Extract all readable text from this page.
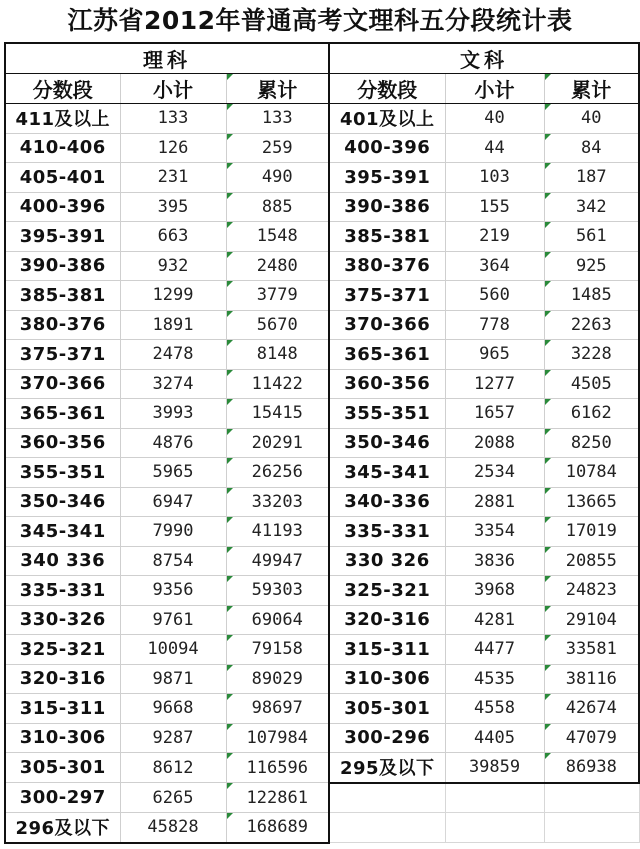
江苏省2012年普通高考文理科五分段统计表
理科			文科		
分数段	小计	累计	分数段	小计	累计
411及以上	133	133	401及以上	40	40
410-406	126	259	400-396	44	84
405-401	231	490	395-391	103	187
400-396	395	885	390-386	155	342
395-391	663	1548	385-381	219	561
390-386	932	2480	380-376	364	925
385-381	1299	3779	375-371	560	1485
380-376	1891	5670	370-366	778	2263
375-371	2478	8148	365-361	965	3228
370-366	3274	11422	360-356	1277	4505
365-361	3993	15415	355-351	1657	6162
360-356	4876	20291	350-346	2088	8250
355-351	5965	26256	345-341	2534	10784
350-346	6947	33203	340-336	2881	13665
345-341	7990	41193	335-331	3354	17019
340 336	8754	49947	330 326	3836	20855
335-331	9356	59303	325-321	3968	24823
330-326	9761	69064	320-316	4281	29104
325-321	10094	79158	315-311	4477	33581
320-316	9871	89029	310-306	4535	38116
315-311	9668	98697	305-301	4558	42674
310-306	9287	107984	300-296	4405	47079
305-301	8612	116596	295及以下	39859	86938
300-297	6265	122861			
296及以下	45828	168689			
